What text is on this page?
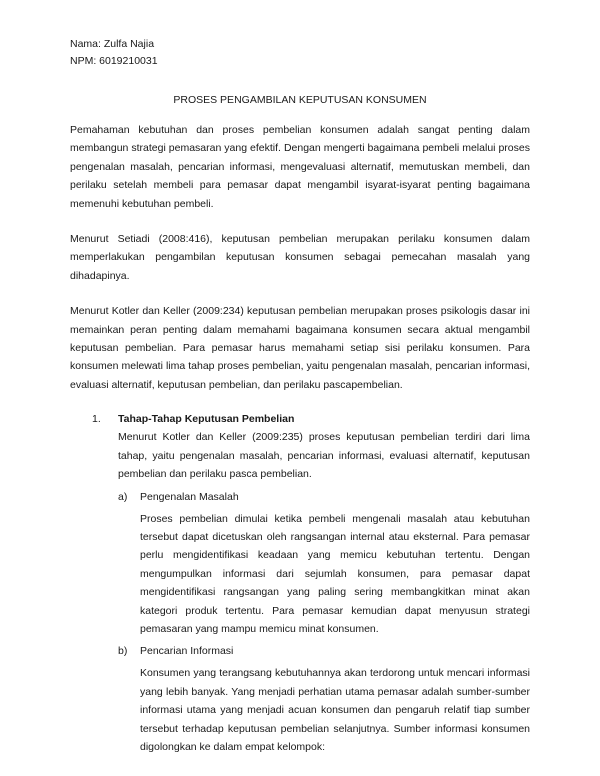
Nama: Zulfa Najia
NPM: 6019210031
PROSES PENGAMBILAN KEPUTUSAN KONSUMEN

Pemahaman kebutuhan dan proses pembelian konsumen adalah sangat penting dalam membangun strategi pemasaran yang efektif. Dengan mengerti bagaimana pembeli melalui proses pengenalan masalah, pencarian informasi, mengevaluasi alternatif, memutuskan membeli, dan perilaku setelah membeli para pemasar dapat mengambil isyarat-isyarat penting bagaimana memenuhi kebutuhan pembeli.

Menurut Setiadi (2008:416), keputusan pembelian merupakan perilaku konsumen dalam memperlakukan pengambilan keputusan konsumen sebagai pemecahan masalah yang dihadapinya.

Menurut Kotler dan Keller (2009:234) keputusan pembelian merupakan proses psikologis dasar ini memainkan peran penting dalam memahami bagaimana konsumen secara aktual mengambil keputusan pembelian. Para pemasar harus memahami setiap sisi perilaku konsumen. Para konsumen melewati lima tahap proses pembelian, yaitu pengenalan masalah, pencarian informasi, evaluasi alternatif, keputusan pembelian, dan perilaku pascapembelian.

1.	Tahap-Tahap Keputusan Pembelian

Menurut Kotler dan Keller (2009:235) proses keputusan pembelian terdiri dari lima tahap, yaitu pengenalan masalah, pencarian informasi, evaluasi alternatif, keputusan pembelian dan perilaku pasca pembelian.

a)	Pengenalan Masalah

Proses pembelian dimulai ketika pembeli mengenali masalah atau kebutuhan tersebut dapat dicetuskan oleh rangsangan internal atau eksternal. Para pemasar perlu mengidentifikasi keadaan yang memicu kebutuhan tertentu. Dengan mengumpulkan informasi dari sejumlah konsumen, para pemasar dapat mengidentifikasi rangsangan yang paling sering membangkitkan minat akan kategori produk tertentu. Para pemasar kemudian dapat menyusun strategi pemasaran yang mampu memicu minat konsumen.

b)	Pencarian Informasi

Konsumen yang terangsang kebutuhannya akan terdorong untuk mencari informasi yang lebih banyak. Yang menjadi perhatian utama pemasar adalah sumber-sumber informasi utama yang menjadi acuan konsumen dan pengaruh relatif tiap sumber tersebut terhadap keputusan pembelian selanjutnya. Sumber informasi konsumen digolongkan ke dalam empat kelompok:
